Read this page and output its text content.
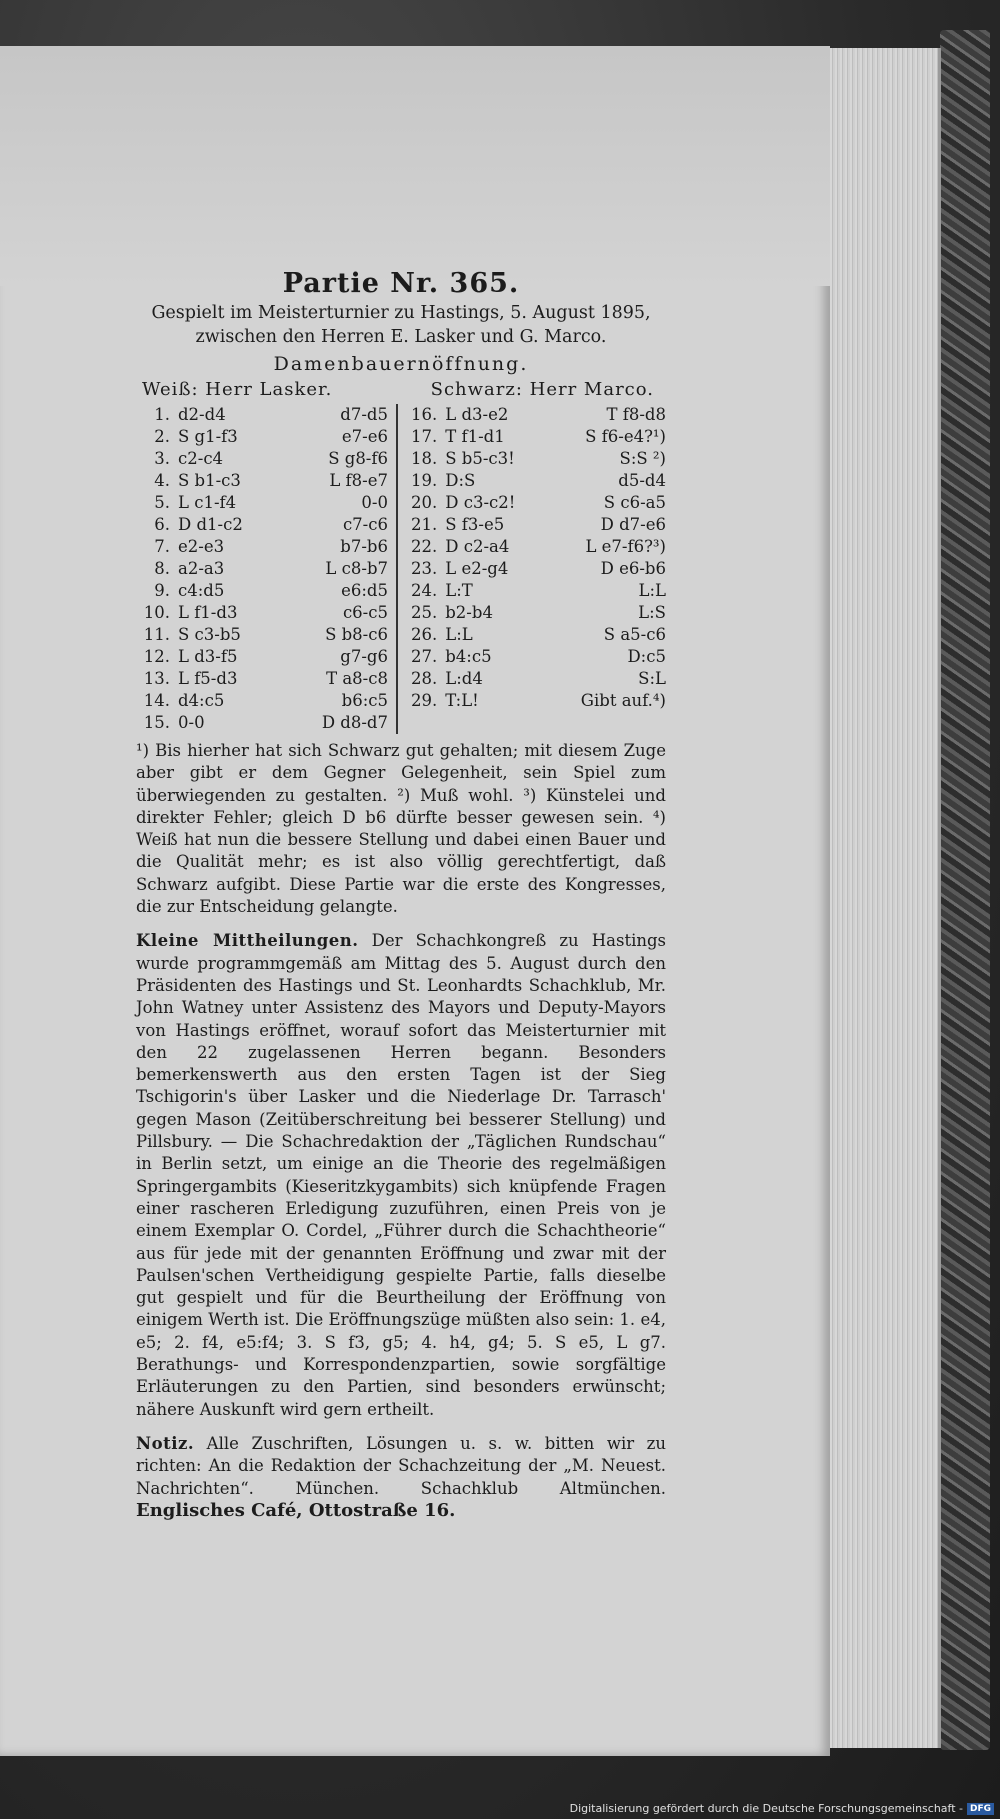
Partie Nr. 365.
Gespielt im Meisterturnier zu Hastings, 5. August 1895,
zwischen den Herren E. Lasker und G. Marco.
Damenbauernöffnung.
Weiß: Herr Lasker.	Schwarz: Herr Marco.
1. d2-d4	d7-d5
2. S g1-f3	e7-e6
3. c2-c4	S g8-f6
4. S b1-c3	L f8-e7
5. L c1-f4	0-0
6. D d1-c2	c7-c6
7. e2-e3	b7-b6
8. a2-a3	L c8-b7
9. c4:d5	e6:d5
10. L f1-d3	c6-c5
11. S c3-b5	S b8-c6
12. L d3-f5	g7-g6
13. L f5-d3	T a8-c8
14. d4:c5	b6:c5
15. 0-0	D d8-d7
16. L d3-e2	T f8-d8
17. T f1-d1	S f6-e4?¹)
18. S b5-c3!	S:S ²)
19. D:S	d5-d4
20. D c3-c2!	S c6-a5
21. S f3-e5	D d7-e6
22. D c2-a4	L e7-f6?³)
23. L e2-g4	D e6-b6
24. L:T	L:L
25. b2-b4	L:S
26. L:L	S a5-c6
27. b4:c5	D:c5
28. L:d4	S:L
29. T:L!	Gibt auf.⁴)

¹) Bis hierher hat sich Schwarz gut gehalten; mit diesem Zuge aber gibt er dem Gegner Gelegenheit, sein Spiel zum überwiegenden zu gestalten. ²) Muß wohl. ³) Künstelei und direkter Fehler; gleich D b6 dürfte besser gewesen sein. ⁴) Weiß hat nun die bessere Stellung und dabei einen Bauer und die Qualität mehr; es ist also völlig gerechtfertigt, daß Schwarz aufgibt. Diese Partie war die erste des Kongresses, die zur Entscheidung gelangte.

Kleine Mittheilungen. Der Schachkongreß zu Hastings wurde programmgemäß am Mittag des 5. August durch den Präsidenten des Hastings und St. Leonhardts Schachklub, Mr. John Watney unter Assistenz des Mayors und Deputy-Mayors von Hastings eröffnet, worauf sofort das Meisterturnier mit den 22 zugelassenen Herren begann. Besonders bemerkenswerth aus den ersten Tagen ist der Sieg Tschigorin's über Lasker und die Niederlage Dr. Tarrasch' gegen Mason (Zeitüberschreitung bei besserer Stellung) und Pillsbury. — Die Schachredaktion der „Täglichen Rundschau“ in Berlin setzt, um einige an die Theorie des regelmäßigen Springergambits (Kieseritzkygambits) sich knüpfende Fragen einer rascheren Erledigung zuzuführen, einen Preis von je einem Exemplar O. Cordel, „Führer durch die Schachtheorie“ aus für jede mit der genannten Eröffnung und zwar mit der Paulsen'schen Vertheidigung gespielte Partie, falls dieselbe gut gespielt und für die Beurtheilung der Eröffnung von einigem Werth ist. Die Eröffnungszüge müßten also sein: 1. e4, e5; 2. f4, e5:f4; 3. S f3, g5; 4. h4, g4; 5. S e5, L g7. Berathungs- und Korrespondenzpartien, sowie sorgfältige Erläuterungen zu den Partien, sind besonders erwünscht; nähere Auskunft wird gern ertheilt.
Notiz. Alle Zuschriften, Lösungen u. s. w. bitten wir zu richten: An die Redaktion der Schachzeitung der „M. Neuest. Nachrichten“. München. Schachklub Altmünchen. Englisches Café, Ottostraße 16.
Digitalisierung gefördert durch die Deutsche Forschungsgemeinschaft - DFG
